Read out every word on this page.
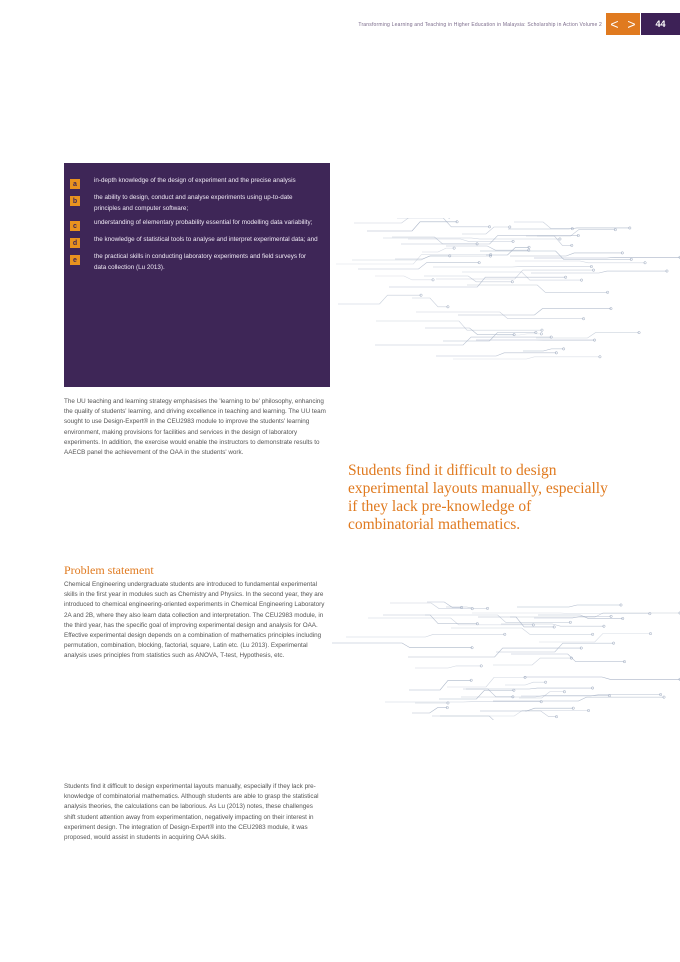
Transforming Learning and Teaching in Higher Education in Malaysia: Scholarship in Action Volume 2 < >	44
a	in-depth knowledge of the design of experiment and the precise analysis
b	the ability to design, conduct and analyse experiments using up-to-date principles and computer software;
c	understanding of elementary probability essential for modelling data variability;
d	the knowledge of statistical tools to analyse and interpret experimental data; and
e	the practical skills in conducting laboratory experiments and field surveys for data collection (Lu 2013).
The UU teaching and learning strategy emphasises the 'learning to be' philosophy, enhancing the quality of students' learning, and driving excellence in teaching and learning. The UU team sought to use Design-Expert® in the CEU2983 module to improve the students' learning environment, making provisions for facilities and services in the design of laboratory experiments. In addition, the exercise would enable the instructors to demonstrate results to AAECB panel the achievement of the OAA in the students' work.
Problem statement
Chemical Engineering undergraduate students are introduced to fundamental experimental skills in the first year in modules such as Chemistry and Physics. In the second year, they are introduced to chemical engineering-oriented experiments in Chemical Engineering Laboratory 2A and 2B, where they also learn data collection and interpretation. The CEU2983 module, in the third year, has the specific goal of improving experimental design and analysis for OAA. Effective experimental design depends on a combination of mathematics principles including permutation, combination, blocking, factorial, square, Latin etc. (Lu 2013). Experimental analysis uses principles from statistics such as ANOVA, T-test, Hypothesis, etc.
Students find it difficult to design experimental layouts manually, especially if they lack pre-knowledge of combinatorial mathematics. Although students are able to grasp the statistical analysis theories, the calculations can be laborious. As Lu (2013) notes, these challenges shift student attention away from experimentation, negatively impacting on their interest in experiment design. The integration of Design-Expert® into the CEU2983 module, it was proposed, would assist in students in acquiring OAA skills.
Students find it difficult to design experimental layouts manually, especially if they lack pre-knowledge of combinatorial mathematics.
